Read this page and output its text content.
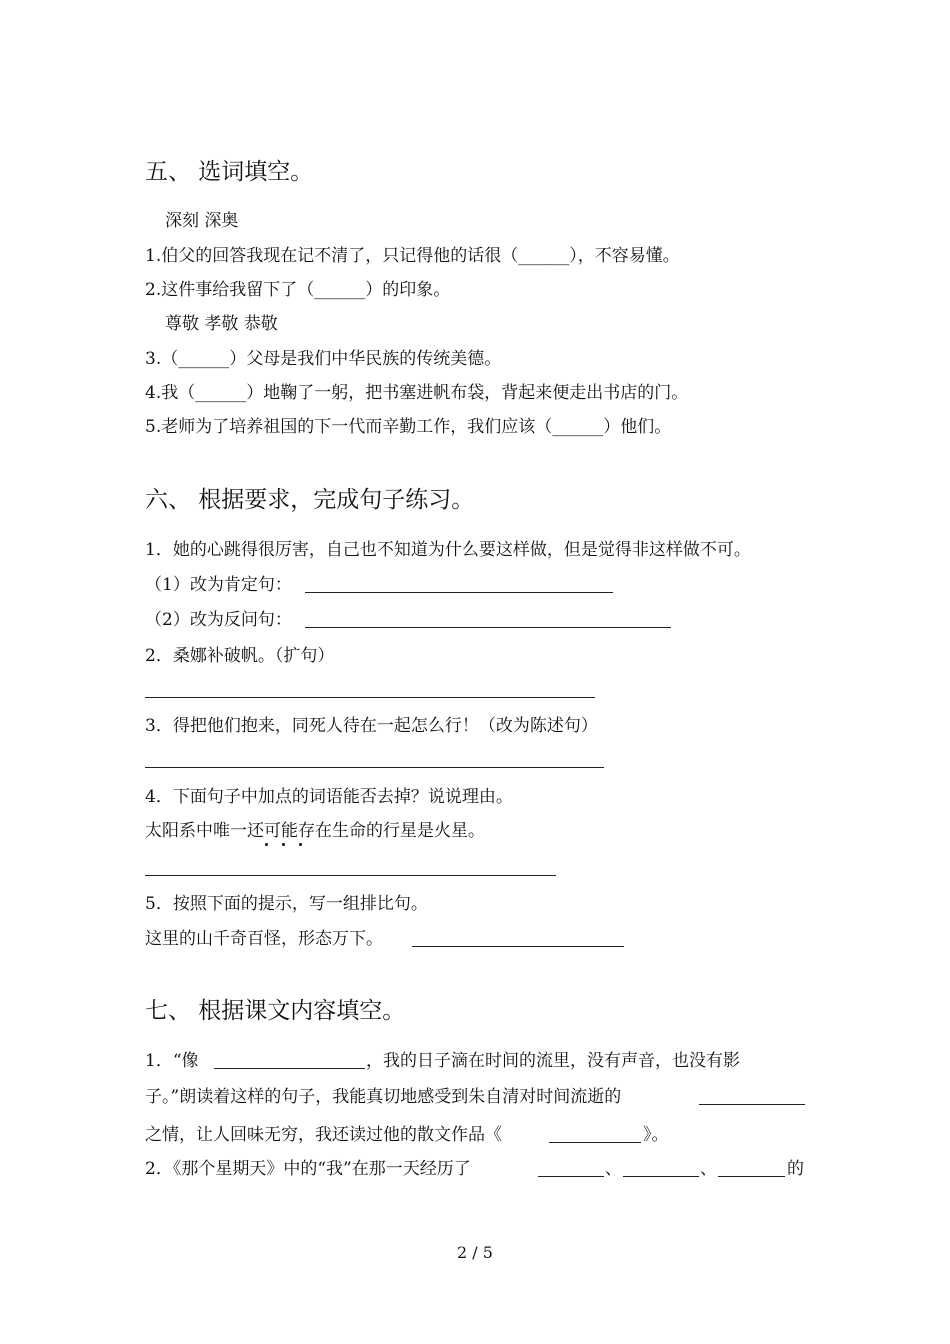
五、 选词填空。
深刻 深奥
1.伯父的回答我现在记不清了，只记得他的话很（______），不容易懂。
2.这件事给我留下了（______）的印象。
尊敬 孝敬 恭敬
3.（______）父母是我们中华民族的传统美德。
4.我（______）地鞠了一躬，把书塞进帆布袋，背起来便走出书店的门。
5.老师为了培养祖国的下一代而辛勤工作，我们应该（______）他们。
六、 根据要求，完成句子练习。
1．她的心跳得很厉害，自己也不知道为什么要这样做，但是觉得非这样做不可。
（1）改为肯定句：
（2）改为反问句：
2．桑娜补破帆。（扩句）
3．得把他们抱来，同死人待在一起怎么行！（改为陈述句）
4．下面句子中加点的词语能否去掉？说说理由。
太阳系中唯一还可能存在生命的行星是火星。
5．按照下面的提示，写一组排比句。
这里的山千奇百怪，形态万下。
七、 根据课文内容填空。
1．“像	，我的日子滴在时间的流里，没有声音，也没有影
子。”朗读着这样的句子，我能真切地感受到朱自清对时间流逝的
之情，让人回味无穷，我还读过他的散文作品《	》。
2．《那个星期天》中的“我”在那一天经历了	、	、	的
2 / 5
